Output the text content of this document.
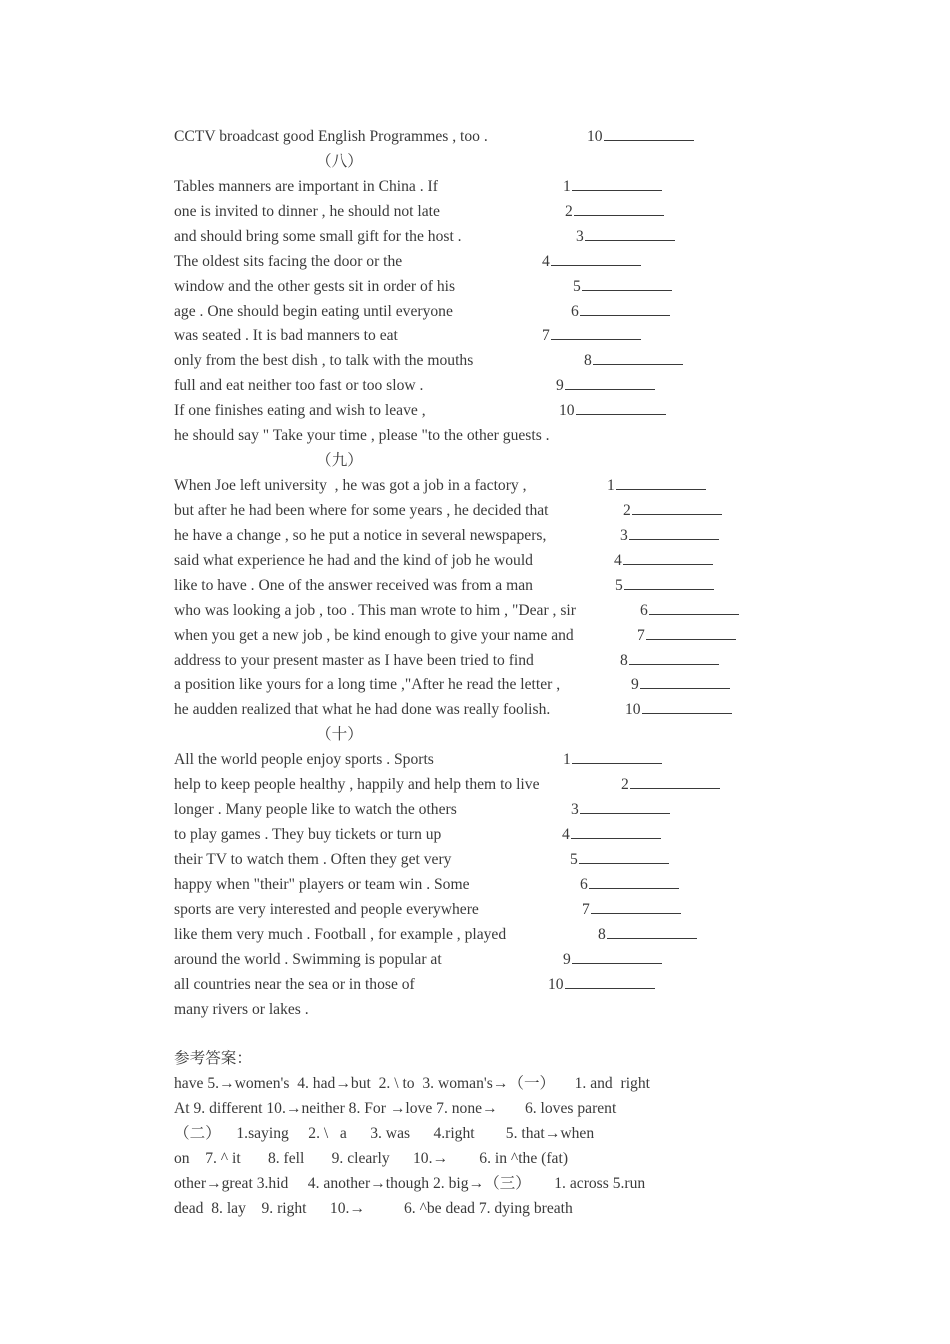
CCTV broadcast good English Programmes , too .	10
（八）
Tables manners are important in China . If	1
one is invited to dinner , he should not late	2
and should bring some small gift for the host .	3
The oldest sits facing the door or the	4
window and the other gests sit in order of his	5
age . One should begin eating until everyone	6
was seated . It is bad manners to eat	7
only from the best dish , to talk with the mouths	8
full and eat neither too fast or too slow .	9
If one finishes eating and wish to leave ,	10
he should say " Take your time , please "to the other guests .
（九）
When Joe left university  , he was got a job in a factory ,	1
but after he had been where for some years , he decided that	2
he have a change , so he put a notice in several newspapers,	3
said what experience he had and the kind of job he would	4
like to have . One of the answer received was from a man	5
who was looking a job , too . This man wrote to him , "Dear , sir	6
when you get a new job , be kind enough to give your name and	7
address to your present master as I have been tried to find	8
a position like yours for a long time ,"After he read the letter ,	9
he audden realized that what he had done was really foolish.	10
（十）
All the world people enjoy sports . Sports	1
help to keep people healthy , happily and help them to live	2
longer . Many people like to watch the others	3
to play games . They buy tickets or turn up	4
their TV to watch them . Often they get very	5
happy when "their" players or team win . Some	6
sports are very interested and people everywhere	7
like them very much . Football , for example , played	8
around the world . Swimming is popular at	9
all countries near the sea or in those of	10
many rivers or lakes .
参考答案：
have 5.→women's  4. had→but  2. \ to  3. woman's→（一）     1. and  right
At 9. different 10.→neither 8. For →love 7. none→       6. loves parent
（二）    1.saying     2. \   a      3. was      4.right        5. that→when
on    7. ^ it       8. fell       9. clearly      10.→        6. in ^the (fat)
other→great 3.hid     4. another→though 2. big→（三）      1. across 5.run
dead  8. lay    9. right      10.→          6. ^be dead 7. dying breath
